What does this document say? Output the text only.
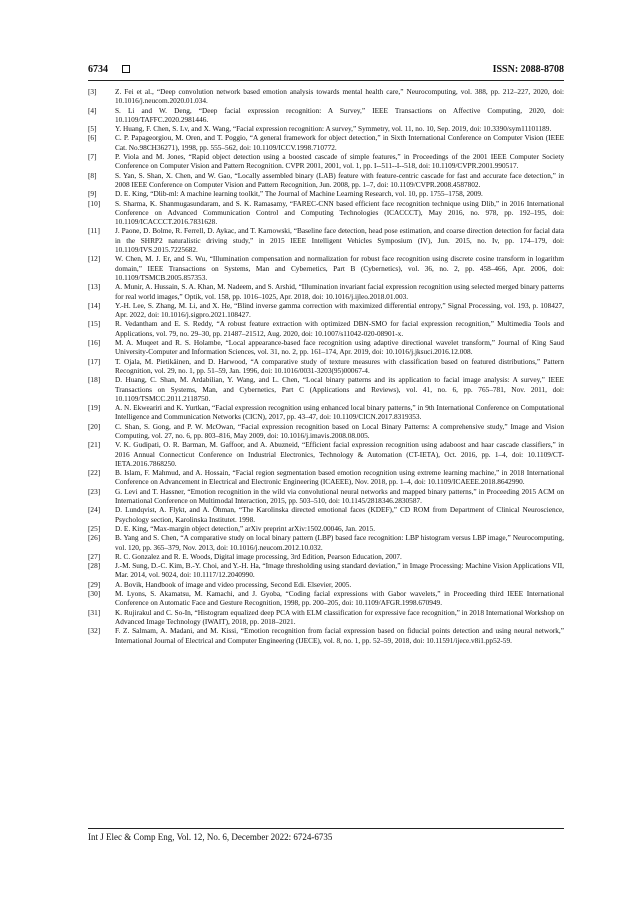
6734	ISSN: 2088-8708
[3]	Z. Fei et al., “Deep convolution network based emotion analysis towards mental health care,” Neurocomputing, vol. 388, pp. 212–227, 2020, doi: 10.1016/j.neucom.2020.01.034.
[4]	S. Li and W. Deng, “Deep facial expression recognition: A Survey,” IEEE Transactions on Affective Computing, 2020, doi: 10.1109/TAFFC.2020.2981446.
[5]	Y. Huang, F. Chen, S. Lv, and X. Wang, “Facial expression recognition: A survey,” Symmetry, vol. 11, no. 10, Sep. 2019, doi: 10.3390/sym11101189.
[6]	C. P. Papageorgiou, M. Oren, and T. Poggio, “A general framework for object detection,” in Sixth International Conference on Computer Vision (IEEE Cat. No.98CH36271), 1998, pp. 555–562, doi: 10.1109/ICCV.1998.710772.
[7]	P. Viola and M. Jones, “Rapid object detection using a boosted cascade of simple features,” in Proceedings of the 2001 IEEE Computer Society Conference on Computer Vision and Pattern Recognition. CVPR 2001, 2001, vol. 1, pp. I--511--I--518, doi: 10.1109/CVPR.2001.990517.
[8]	S. Yan, S. Shan, X. Chen, and W. Gao, “Locally assembled binary (LAB) feature with feature-centric cascade for fast and accurate face detection,” in 2008 IEEE Conference on Computer Vision and Pattern Recognition, Jun. 2008, pp. 1–7, doi: 10.1109/CVPR.2008.4587802.
[9]	D. E. King, “Dlib-ml: A machine learning toolkit,” The Journal of Machine Learning Research, vol. 10, pp. 1755–1758, 2009.
[10] S. Sharma, K. Shanmugasundaram, and S. K. Ramasamy, “FAREC-CNN based efficient face recognition technique using Dlib,” in 2016 International Conference on Advanced Communication Control and Computing Technologies (ICACCCT), May 2016, no. 978, pp. 192–195, doi: 10.1109/ICACCCT.2016.7831628.
[11] J. Paone, D. Bolme, R. Ferrell, D. Aykac, and T. Karnowski, “Baseline face detection, head pose estimation, and coarse direction detection for facial data in the SHRP2 naturalistic driving study,” in 2015 IEEE Intelligent Vehicles Symposium (IV), Jun. 2015, no. Iv, pp. 174–179, doi: 10.1109/IVS.2015.7225682.
[12] W. Chen, M. J. Er, and S. Wu, “Illumination compensation and normalization for robust face recognition using discrete cosine transform in logarithm domain,” IEEE Transactions on Systems, Man and Cybernetics, Part B (Cybernetics), vol. 36, no. 2, pp. 458–466, Apr. 2006, doi: 10.1109/TSMCB.2005.857353.
[13] A. Munir, A. Hussain, S. A. Khan, M. Nadeem, and S. Arshid, “Illumination invariant facial expression recognition using selected merged binary patterns for real world images,” Optik, vol. 158, pp. 1016–1025, Apr. 2018, doi: 10.1016/j.ijleo.2018.01.003.
[14] Y.-H. Lee, S. Zhang, M. Li, and X. He, “Blind inverse gamma correction with maximized differential entropy,” Signal Processing, vol. 193, p. 108427, Apr. 2022, doi: 10.1016/j.sigpro.2021.108427.
[15] R. Vedantham and E. S. Reddy, “A robust feature extraction with optimized DBN-SMO for facial expression recognition,” Multimedia Tools and Applications, vol. 79, no. 29–30, pp. 21487–21512, Aug. 2020, doi: 10.1007/s11042-020-08901-x.
[16] M. A. Muqeet and R. S. Holambe, “Local appearance-based face recognition using adaptive directional wavelet transform,” Journal of King Saud University-Computer and Information Sciences, vol. 31, no. 2, pp. 161–174, Apr. 2019, doi: 10.1016/j.jksuci.2016.12.008.
[17] T. Ojala, M. Pietikäinen, and D. Harwood, “A comparative study of texture measures with classification based on featured distributions,” Pattern Recognition, vol. 29, no. 1, pp. 51–59, Jan. 1996, doi: 10.1016/0031-3203(95)00067-4.
[18] D. Huang, C. Shan, M. Ardabilian, Y. Wang, and L. Chen, “Local binary patterns and its application to facial image analysis: A survey,” IEEE Transactions on Systems, Man, and Cybernetics, Part C (Applications and Reviews), vol. 41, no. 6, pp. 765–781, Nov. 2011, doi: 10.1109/TSMCC.2011.2118750.
[19] A. N. Ekweariri and K. Yurtkan, “Facial expression recognition using enhanced local binary patterns,” in 9th International Conference on Computational Intelligence and Communication Networks (CICN), 2017, pp. 43–47, doi: 10.1109/CICN.2017.8319353.
[20] C. Shan, S. Gong, and P. W. McOwan, “Facial expression recognition based on Local Binary Patterns: A comprehensive study,” Image and Vision Computing, vol. 27, no. 6, pp. 803–816, May 2009, doi: 10.1016/j.imavis.2008.08.005.
[21] V. K. Gudipati, O. R. Barman, M. Gaffoor, and A. Abuzneid, “Efficient facial expression recognition using adaboost and haar cascade classifiers,” in 2016 Annual Connecticut Conference on Industrial Electronics, Technology & Automation (CT-IETA), Oct. 2016, pp. 1–4, doi: 10.1109/CT-IETA.2016.7868250.
[22] B. Islam, F. Mahmud, and A. Hossain, “Facial region segmentation based emotion recognition using extreme learning machine,” in 2018 International Conference on Advancement in Electrical and Electronic Engineering (ICAEEE), Nov. 2018, pp. 1–4, doi: 10.1109/ICAEEE.2018.8642990.
[23] G. Levi and T. Hassner, “Emotion recognition in the wild via convolutional neural networks and mapped binary patterns,” in Proceeding 2015 ACM on International Conference on Multimodal Interaction, 2015, pp. 503–510, doi: 10.1145/2818346.2830587.
[24] D. Lundqvist, A. Flykt, and A. Öhman, “The Karolinska directed emotional faces (KDEF),” CD ROM from Department of Clinical Neuroscience, Psychology section, Karolinska Institutet. 1998.
[25] D. E. King, “Max-margin object detection,” arXiv preprint arXiv:1502.00046, Jan. 2015.
[26] B. Yang and S. Chen, “A comparative study on local binary pattern (LBP) based face recognition: LBP histogram versus LBP image,” Neurocomputing, vol. 120, pp. 365–379, Nov. 2013, doi: 10.1016/j.neucom.2012.10.032.
[27] R. C. Gonzalez and R. E. Woods, Digital image processing, 3rd Edition, Pearson Education, 2007.
[28] J.-M. Sung, D.-C. Kim, B.-Y. Choi, and Y.-H. Ha, “Image thresholding using standard deviation,” in Image Processing: Machine Vision Applications VII, Mar. 2014, vol. 9024, doi: 10.1117/12.2040990.
[29] A. Bovik, Handbook of image and video processing, Second Edi. Elsevier, 2005.
[30] M. Lyons, S. Akamatsu, M. Kamachi, and J. Gyoba, “Coding facial expressions with Gabor wavelets,” in Proceeding third IEEE International Conference on Automatic Face and Gesture Recognition, 1998, pp. 200–205, doi: 10.1109/AFGR.1998.670949.
[31] K. Rujirakul and C. So-In, “Histogram equalized deep PCA with ELM classification for expressive face recognition,” in 2018 International Workshop on Advanced Image Technology (IWAIT), 2018, pp. 2018–2021.
[32] F. Z. Salmam, A. Madani, and M. Kissi, “Emotion recognition from facial expression based on fiducial points detection and using neural network,” International Journal of Electrical and Computer Engineering (IJECE), vol. 8, no. 1, pp. 52–59, 2018, doi: 10.11591/ijece.v8i1.pp52-59.
Int J Elec & Comp Eng, Vol. 12, No. 6, December 2022: 6724-6735
